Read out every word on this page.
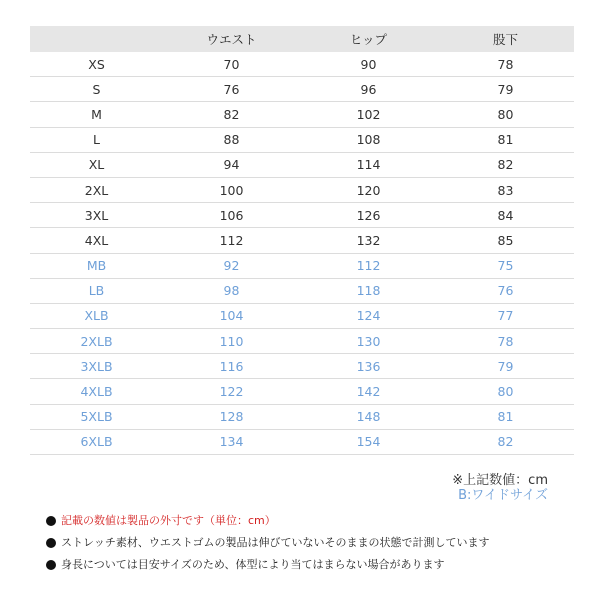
	ウエスト	ヒップ	股下
XS	70	90	78
S	76	96	79
M	82	102	80
L	88	108	81
XL	94	114	82
2XL	100	120	83
3XL	106	126	84
4XL	112	132	85
MB	92	112	75
LB	98	118	76
XLB	104	124	77
2XLB	110	130	78
3XLB	116	136	79
4XLB	122	142	80
5XLB	128	148	81
6XLB	134	154	82
※上記数値：cm
B:ワイドサイズ
記載の数値は製品の外寸です（単位：cm）
ストレッチ素材、ウエストゴムの製品は伸びていないそのままの状態で計測しています
身長については目安サイズのため、体型により当てはまらない場合があります
